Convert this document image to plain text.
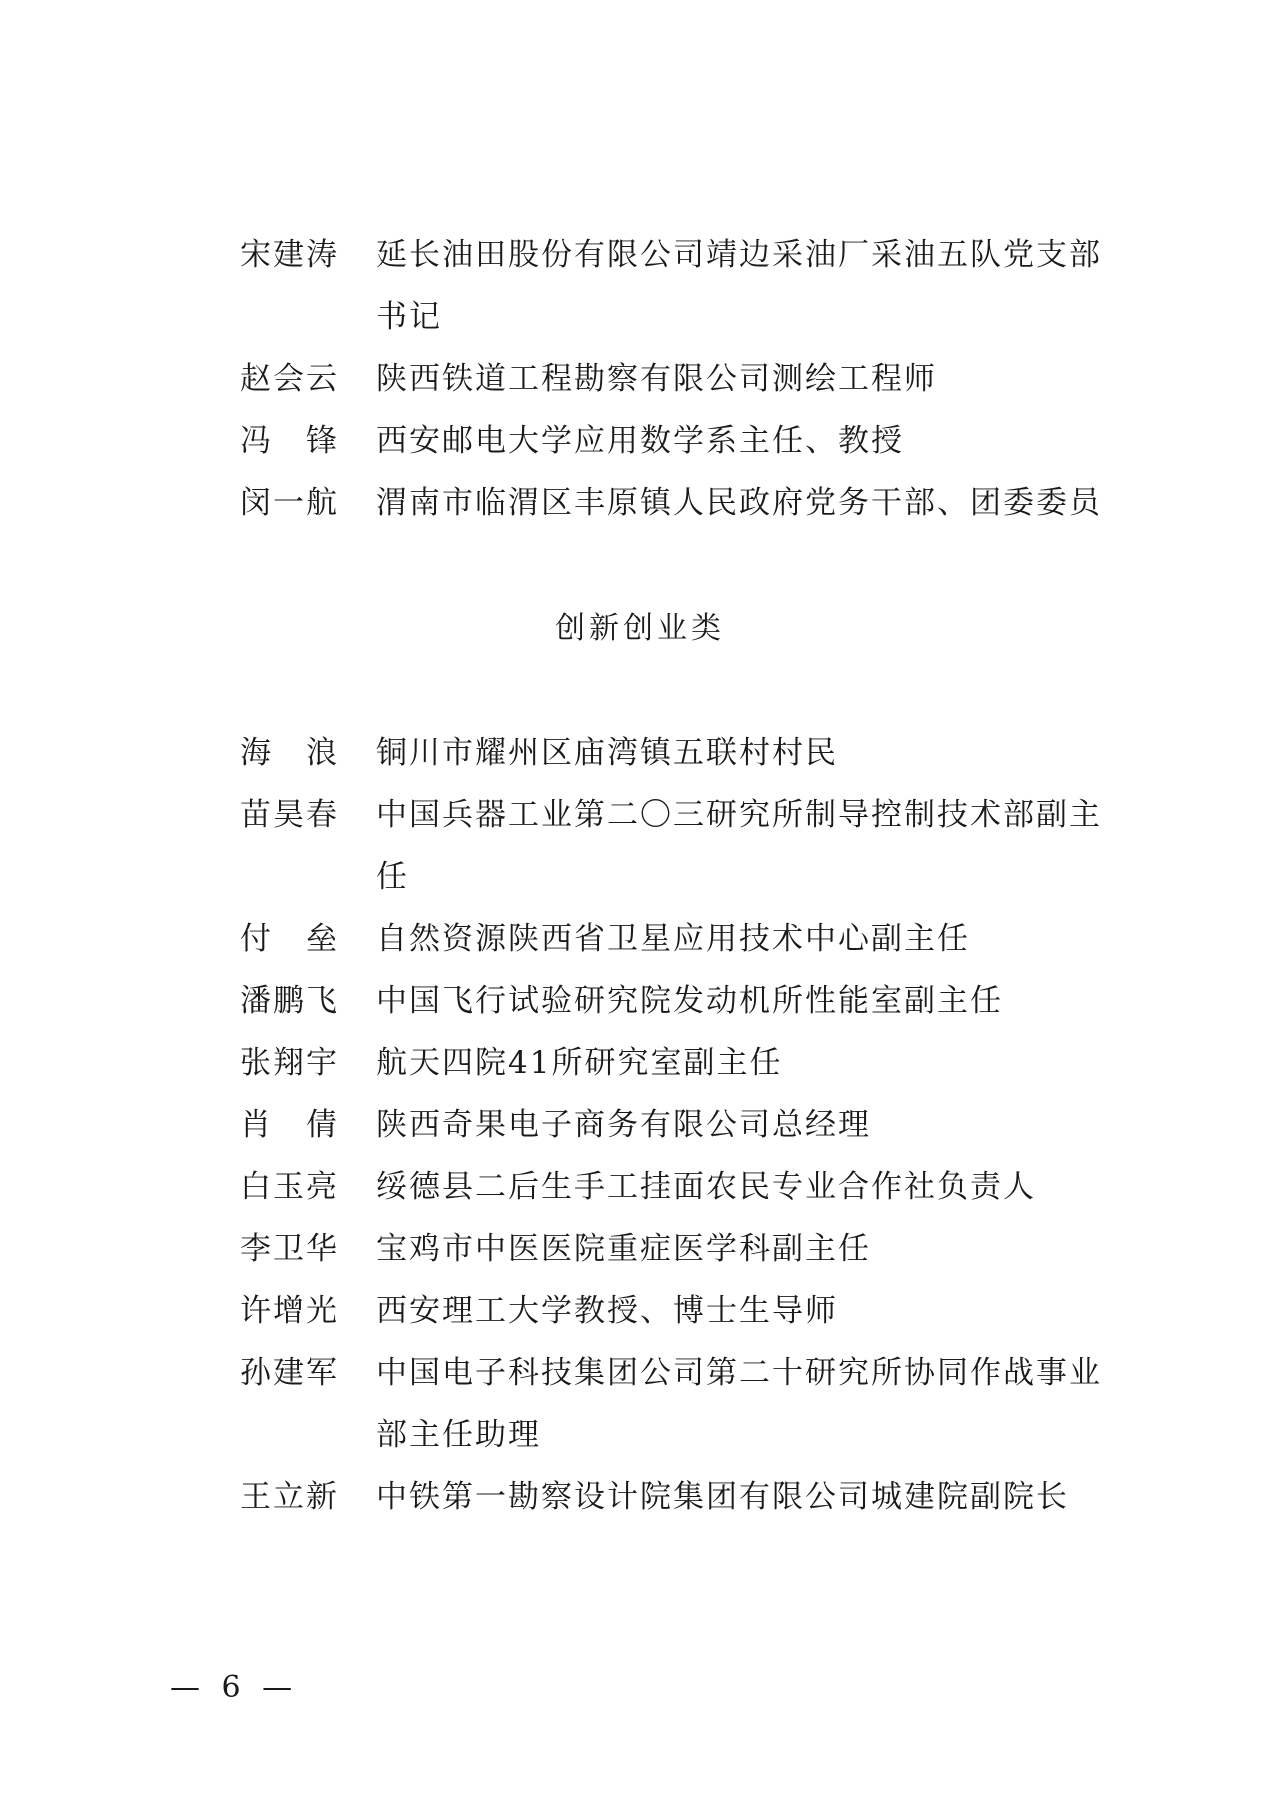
宋建涛	延长油田股份有限公司靖边采油厂采油五队党支部书记
赵会云	陕西铁道工程勘察有限公司测绘工程师
冯　锋	西安邮电大学应用数学系主任、教授
闵一航	渭南市临渭区丰原镇人民政府党务干部、团委委员
创新创业类
海　浪	铜川市耀州区庙湾镇五联村村民
苗昊春	中国兵器工业第二〇三研究所制导控制技术部副主任
付　垒	自然资源陕西省卫星应用技术中心副主任
潘鹏飞	中国飞行试验研究院发动机所性能室副主任
张翔宇	航天四院41所研究室副主任
肖　倩	陕西奇果电子商务有限公司总经理
白玉亮	绥德县二后生手工挂面农民专业合作社负责人
李卫华	宝鸡市中医医院重症医学科副主任
许增光	西安理工大学教授、博士生导师
孙建军	中国电子科技集团公司第二十研究所协同作战事业部主任助理
王立新	中铁第一勘察设计院集团有限公司城建院副院长
— 6 —
